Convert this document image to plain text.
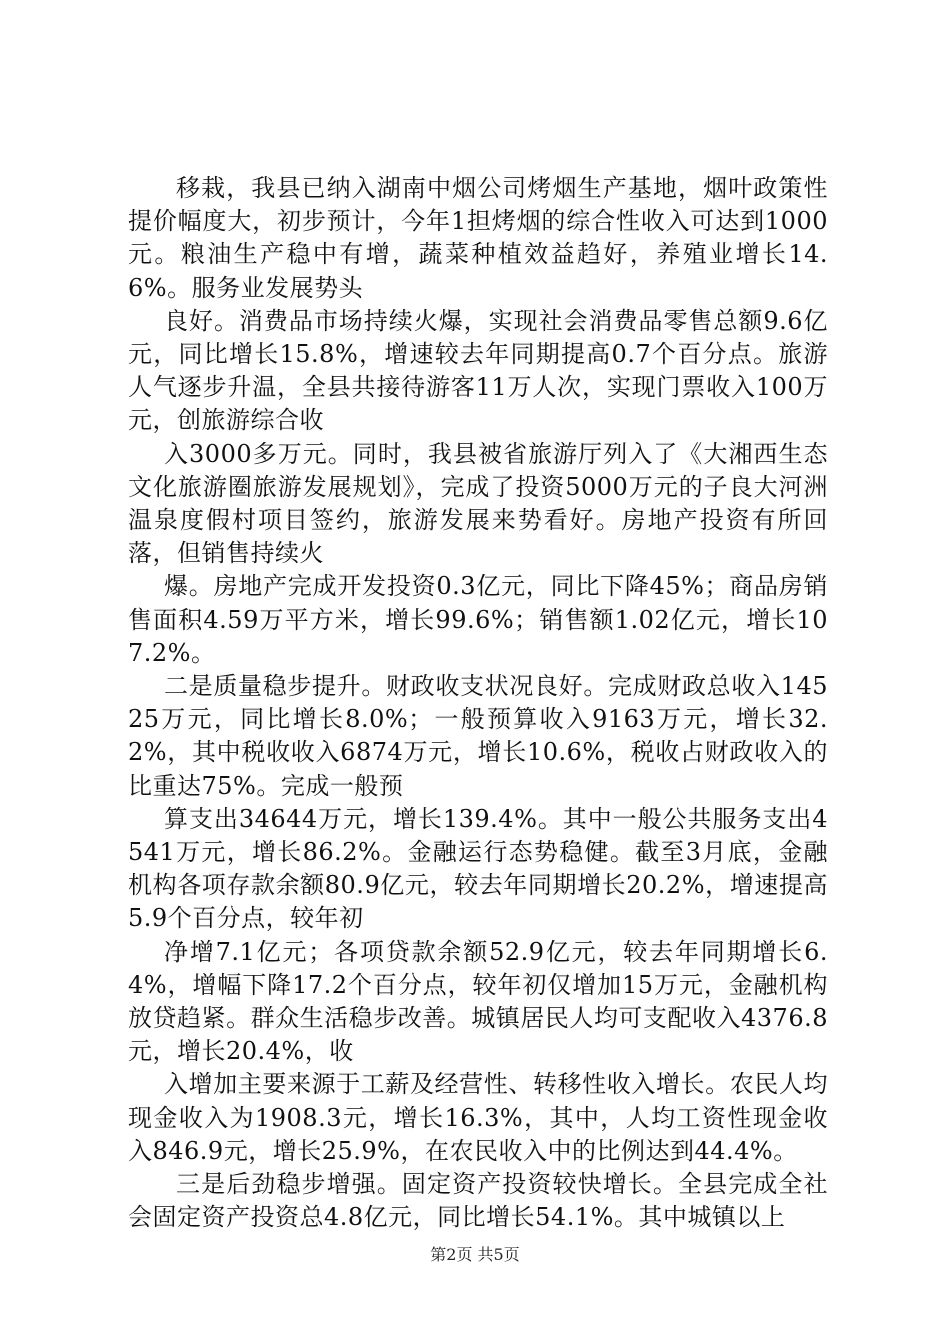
移栽，我县已纳入湖南中烟公司烤烟生产基地，烟叶政策性提价幅度大，初步预计，今年1担烤烟的综合性收入可达到1000元。粮油生产稳中有增，蔬菜种植效益趋好，养殖业增长14.6%。服务业发展势头

良好。消费品市场持续火爆，实现社会消费品零售总额9.6亿元，同比增长15.8%，增速较去年同期提高0.7个百分点。旅游人气逐步升温，全县共接待游客11万人次，实现门票收入100万元，创旅游综合收

入3000多万元。同时，我县被省旅游厅列入了《大湘西生态文化旅游圈旅游发展规划》，完成了投资5000万元的子良大河洲温泉度假村项目签约，旅游发展来势看好。房地产投资有所回落，但销售持续火

爆。房地产完成开发投资0.3亿元，同比下降45%；商品房销售面积4.59万平方米，增长99.6%；销售额1.02亿元，增长107.2%。

二是质量稳步提升。财政收支状况良好。完成财政总收入14525万元，同比增长8.0%；一般预算收入9163万元，增长32.2%，其中税收收入6874万元，增长10.6%，税收占财政收入的比重达75%。完成一般预

算支出34644万元，增长139.4%。其中一般公共服务支出4541万元，增长86.2%。金融运行态势稳健。截至3月底，金融机构各项存款余额80.9亿元，较去年同期增长20.2%，增速提高5.9个百分点，较年初

净增7.1亿元；各项贷款余额52.9亿元，较去年同期增长6.4%，增幅下降17.2个百分点，较年初仅增加15万元，金融机构放贷趋紧。群众生活稳步改善。城镇居民人均可支配收入4376.8元，增长20.4%，收

入增加主要来源于工薪及经营性、转移性收入增长。农民人均现金收入为1908.3元，增长16.3%，其中，人均工资性现金收入846.9元，增长25.9%，在农民收入中的比例达到44.4%。

三是后劲稳步增强。固定资产投资较快增长。全县完成全社会固定资产投资总4.8亿元，同比增长54.1%。其中城镇以上

第2页 共5页
